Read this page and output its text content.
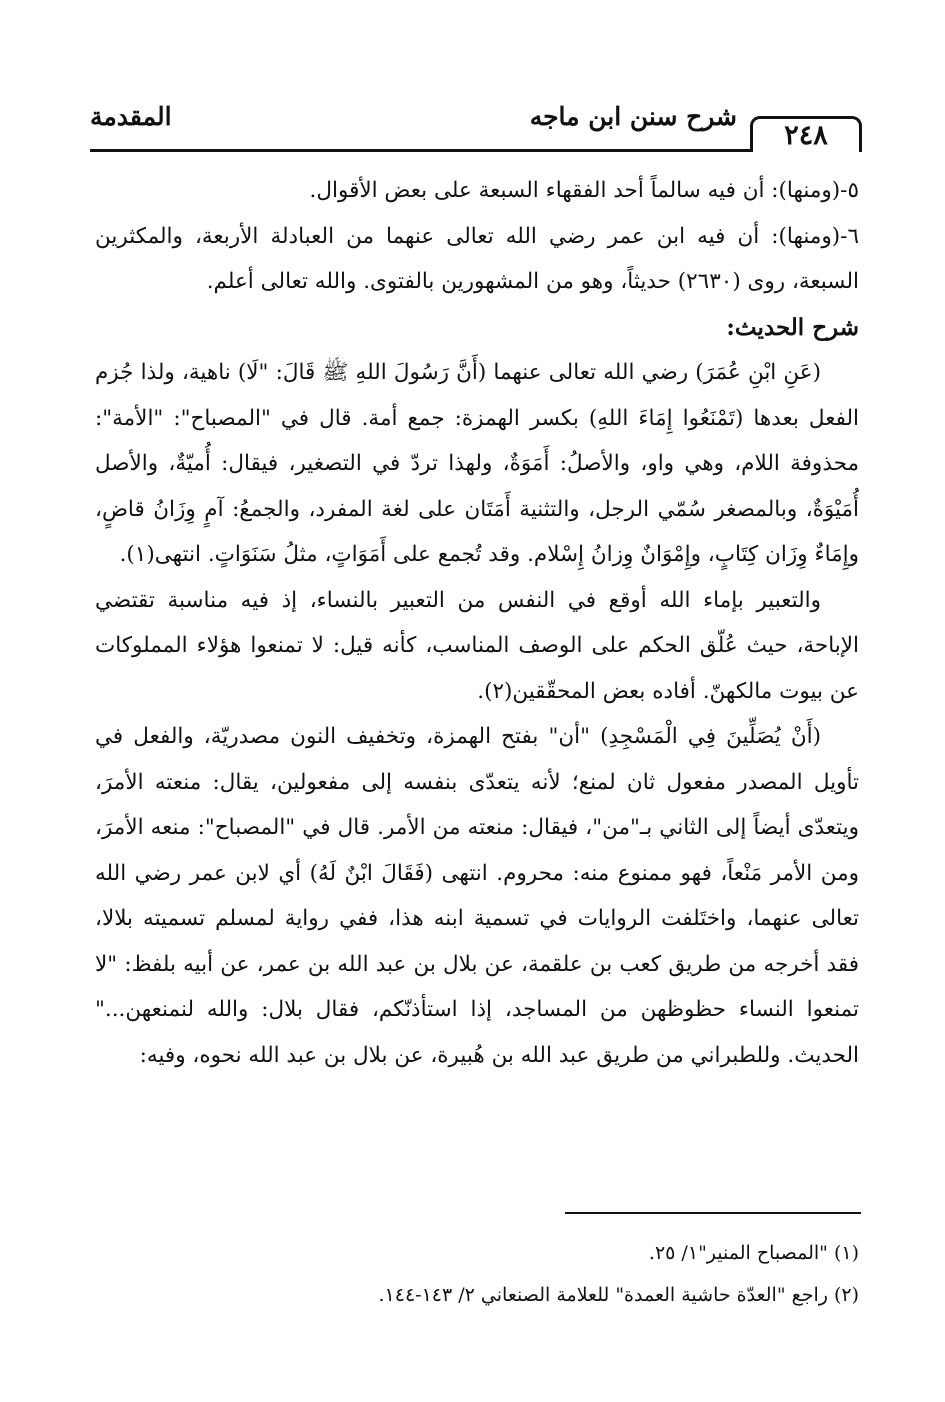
٢٤٨
شرح سنن ابن ماجه
المقدمة

٥-(ومنها): أن فيه سالماً أحد الفقهاء السبعة على بعض الأقوال.

٦-(ومنها): أن فيه ابن عمر رضي الله تعالى عنهما من العبادلة الأربعة، والمكثرين السبعة، روى (٢٦٣٠) حديثاً، وهو من المشهورين بالفتوى. والله تعالى أعلم.

شرح الحديث:

(عَنِ ابْنِ عُمَرَ) رضي الله تعالى عنهما (أَنَّ رَسُولَ اللهِ ﷺ قَالَ: "لَا) ناهية، ولذا جُزم الفعل بعدها (تَمْنَعُوا إِمَاءَ اللهِ) بكسر الهمزة: جمع أمة. قال في "المصباح": "الأمة": محذوفة اللام، وهي واو، والأصلُ: أَمَوَةٌ، ولهذا تردّ في التصغير، فيقال: أُميّةٌ، والأصل أُمَيْوَةٌ، وبالمصغر سُمّي الرجل، والتثنية أَمَتَان على لغة المفرد، والجمعُ: آمٍ وِزَانُ قاضٍ، وإِمَاءٌ وِزَان كِتَابٍ، وإِمْوَانٌ وِزانُ إِسْلام. وقد تُجمع على أَمَوَاتٍ، مثلُ سَنَوَاتٍ. انتهى(١).

والتعبير بإماء الله أوقع في النفس من التعبير بالنساء، إذ فيه مناسبة تقتضي الإباحة، حيث عُلّق الحكم على الوصف المناسب، كأنه قيل: لا تمنعوا هؤلاء المملوكات عن بيوت مالكهنّ. أفاده بعض المحقّقين(٢).

(أَنْ يُصَلِّينَ فِي الْمَسْجِدِ) "أن" بفتح الهمزة، وتخفيف النون مصدريّة، والفعل في تأويل المصدر مفعول ثان لمنع؛ لأنه يتعدّى بنفسه إلى مفعولين، يقال: منعته الأمرَ، ويتعدّى أيضاً إلى الثاني بـ"من"، فيقال: منعته من الأمر. قال في "المصباح": منعه الأمرَ، ومن الأمر مَنْعاً، فهو ممنوع منه: محروم. انتهى (فَقَالَ ابْنٌ لَهُ) أي لابن عمر رضي الله تعالى عنهما، واختَلفت الروايات في تسمية ابنه هذا، ففي رواية لمسلم تسميته بلالا، فقد أخرجه من طريق كعب بن علقمة، عن بلال بن عبد الله بن عمر، عن أبيه بلفظ: "لا تمنعوا النساء حظوظهن من المساجد، إذا استأذنّكم، فقال بلال: والله لنمنعهن..." الحديث. وللطبراني من طريق عبد الله بن هُبيرة، عن بلال بن عبد الله نحوه، وفيه:

(١) "المصباح المنير"١/ ٢٥.

(٢) راجع "العدّة حاشية العمدة" للعلامة الصنعاني ٢/ ١٤٣-١٤٤.
